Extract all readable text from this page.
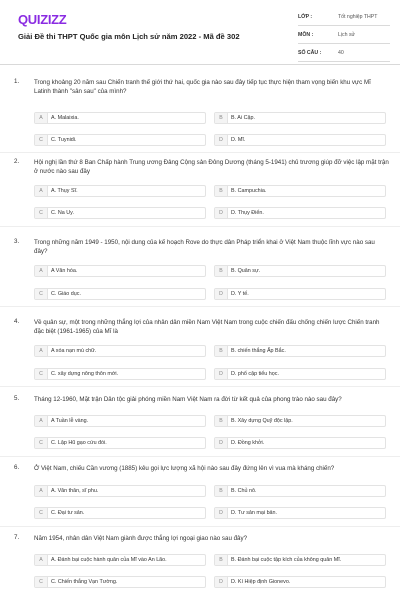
QUIZIZZ
Giải Đề thi THPT Quốc gia môn Lịch sử năm 2022 - Mã đề 302
LỚP :	Tốt nghiệp THPT
MÔN :	Lịch sử
SỐ CÂU :	40
1. Trong khoảng 20 năm sau Chiến tranh thế giới thứ hai, quốc gia nào sau đây tiếp tục thực hiện tham vọng biến khu vực Mĩ Latinh thành "sân sau" của mình?
A	A. Malaixia.	B	B. Ai Cập.
C	C. Tuynidi.	D	D. Mĩ.
2. Hội nghị lần thứ 8 Ban Chấp hành Trung ương Đảng Cộng sản Đông Dương (tháng 5-1941) chủ trương giúp đỡ việc lập mặt trận ở nước nào sau đây
A	A. Thụy Sĩ.	B	B. Campuchia.
C	C. Na Uy.	D	D. Thụy Điển.
3. Trong những năm 1949 - 1950, nội dung của kế hoạch Rove do thực dân Pháp triển khai ở Việt Nam thuộc lĩnh vực nào sau đây?
A	A Văn hóa.	B	B. Quân sự.
C	C. Giáo dục.	D	D. Y tế.
4. Về quân sự, một trong những thắng lợi của nhân dân miền Nam Việt Nam trong cuộc chiến đấu chống chiến lược Chiến tranh đặc biệt (1961-1965) của Mĩ là
A	A xóa nạn mù chữ.	B	B. chiến thắng Ấp Bắc.
C	C. xây dựng nông thôn mới.	D	D. phổ cập tiểu học.
5. Tháng 12-1960, Mặt trận Dân tộc giải phóng miền Nam Việt Nam ra đời từ kết quả của phong trào nào sau đây?
A	A Tuần lễ vàng.	B	B. Xây dựng Quỹ độc lập.
C	C. Lập Hũ gạo cứu đói.	D	D. Đồng khởi.
6. Ở Việt Nam, chiếu Cần vương (1885) kêu gọi lực lượng xã hội nào sau đây đứng lên vì vua mà kháng chiến?
A	A. Văn thân, sĩ phu.	B	B. Chủ nô.
C	C. Đại tư sản.	D	D. Tư sản mại bản.
7. Năm 1954, nhân dân Việt Nam giành được thắng lợi ngoại giao nào sau đây?
A	A. Đánh bại cuộc hành quân của Mĩ vào An Lão.	B	B. Đánh bại cuộc tập kích của không quân Mĩ.
C	C. Chiến thắng Vạn Tường.	D	D. Kí Hiệp định Gionevo.
